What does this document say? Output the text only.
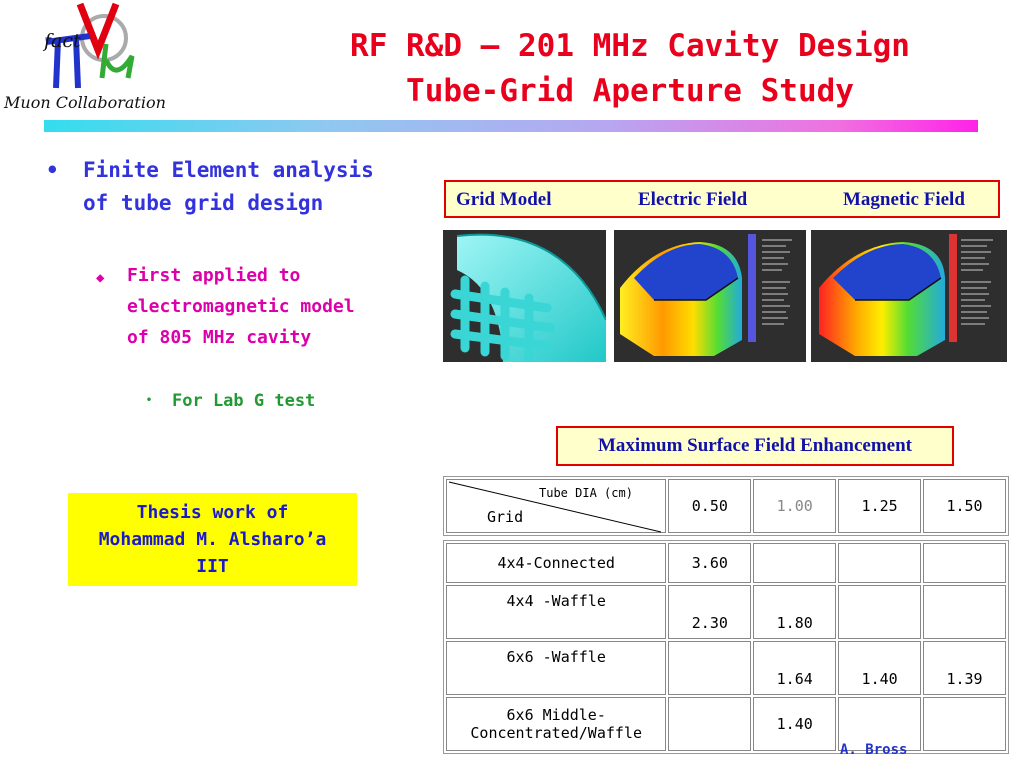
fact
Muon Collaboration
RF R&D – 201 MHz Cavity Design
Tube-Grid Aperture Study
• Finite Element analysis of tube grid design
◆ First applied to electromagnetic model of 805 MHz cavity
• For Lab G test
Thesis work of
Mohammad M. Alsharo’a
IIT
Grid Model	Electric Field	Magnetic Field
Maximum Surface Field Enhancement
Tube DIA (cm)
Grid
	0.50	1.00	1.25	1.50
4x4-Connected	3.60			
4x4 -Waffle	2.30	1.80		
6x6 -Waffle		1.64	1.40	1.39

6x6 Middle-
Concentrated/Waffle		1.40		
A. Bross
